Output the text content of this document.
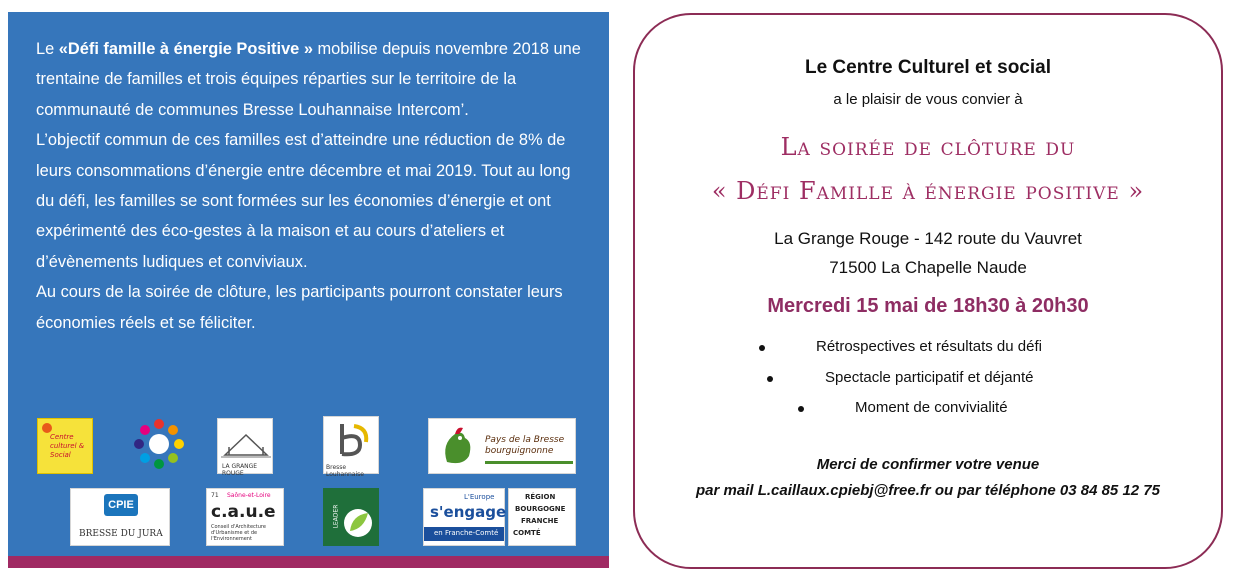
Le «Défi famille à énergie Positive » mobilise depuis novembre 2018 une trentaine de familles et trois équipes réparties sur le territoire de la communauté de communes Bresse Louhannaise Intercom’.

L’objectif commun de ces familles est d’atteindre une réduction de 8% de leurs consommations d’énergie entre décembre et mai 2019. Tout au long du défi, les familles se sont formées sur les économies d’énergie et ont expérimenté des éco-gestes à la maison et au cours d’ateliers et d’évènements ludiques et conviviaux.

Au cours de la soirée de clôture, les participants pourront constater leurs économies réels et se féliciter.

Centre culturel & Social
LA GRANGE ROUGE
Bresse Louhannaise
Pays de la Bresse bourguignonne
CPIE
BRESSE DU JURA
71 Saône-et-Loire
c.a.u.e
Conseil d'Architecture d'Urbanisme et de l'Environnement
LEADER
L'Europe
s'engage
en Franche-Comté
RÉGION
BOURGOGNE
FRANCHE
COMTÉ
Le Centre Culturel et social
a le plaisir de vous convier à
La soirée de clôture du
« Défi Famille à énergie positive »
La Grange Rouge - 142 route du Vauvret
71500 La Chapelle Naude
Mercredi 15 mai de 18h30 à 20h30
Rétrospectives et résultats du défi
Spectacle participatif et déjanté
Moment de convivialité
Merci de confirmer votre venue
par mail L.caillaux.cpiebj@free.fr ou par téléphone 03 84 85 12 75
